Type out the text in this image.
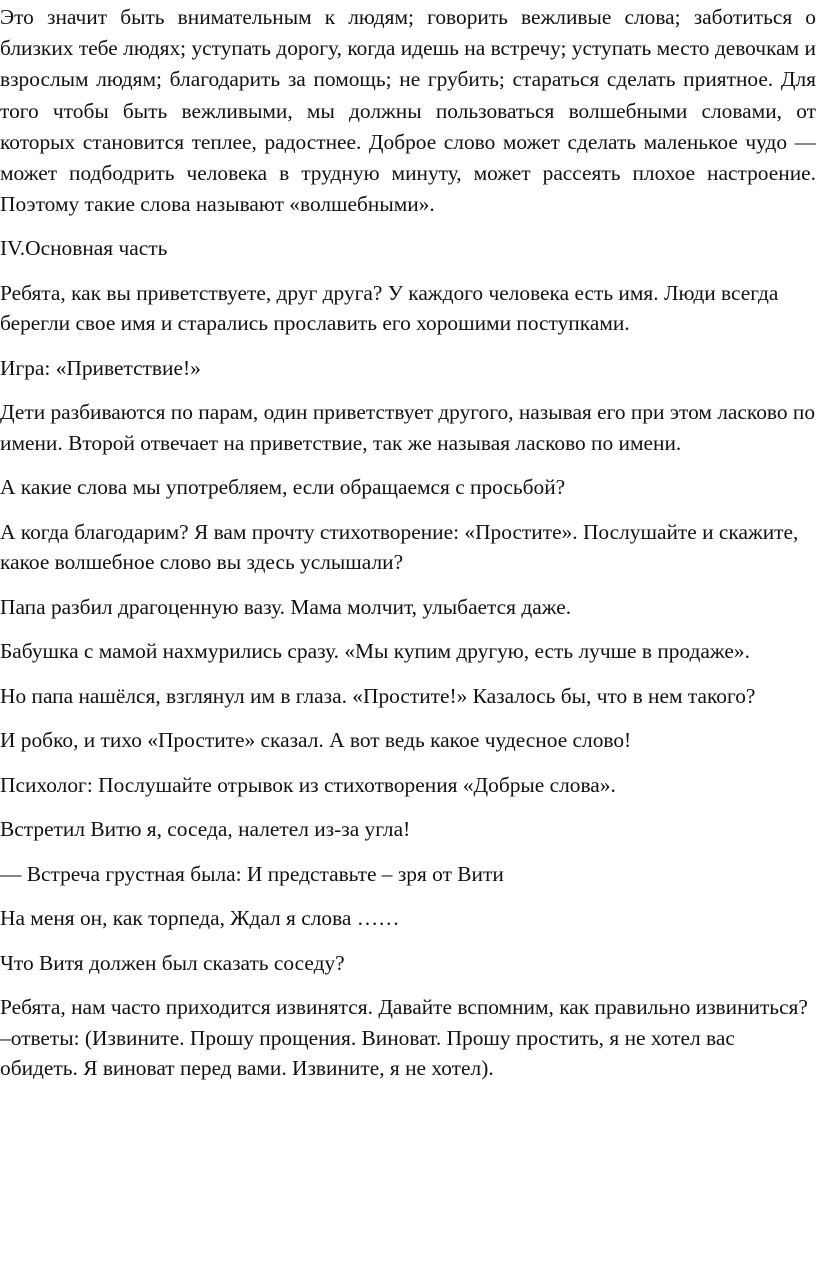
Это значит быть внимательным к людям; говорить вежливые слова; заботиться о близких тебе людях; уступать дорогу, когда идешь на встречу; уступать место девочкам и взрослым людям; благодарить за помощь; не грубить; стараться сделать приятное. Для того чтобы быть вежливыми, мы должны пользоваться волшебными словами, от которых становится теплее, радостнее. Доброе слово может сделать маленькое чудо — может подбодрить человека в трудную минуту, может рассеять плохое настроение. Поэтому такие слова называют «волшебными».

IV.Основная часть

Ребята, как вы приветствуете, друг друга? У каждого человека есть имя. Люди всегда берегли свое имя и старались прославить его хорошими поступками.

Игра: «Приветствие!»

Дети разбиваются по парам, один приветствует другого, называя его при этом ласково по имени. Второй отвечает на приветствие, так же называя ласково по имени.

А какие слова мы употребляем, если обращаемся с просьбой?

А когда благодарим? Я вам прочту стихотворение: «Простите». Послушайте и скажите, какое волшебное слово вы здесь услышали?

Папа разбил драгоценную вазу. Мама молчит, улыбается даже.

Бабушка с мамой нахмурились сразу. «Мы купим другую, есть лучше в продаже».

Но папа нашёлся, взглянул им в глаза. «Простите!» Казалось бы, что в нем такого?

И робко, и тихо «Простите» сказал. А вот ведь какое чудесное слово!

Психолог: Послушайте отрывок из стихотворения «Добрые слова».

Встретил Витю я, соседа, налетел из-за угла!

— Встреча грустная была: И представьте – зря от Вити

На меня он, как торпеда, Ждал я слова ……

Что Витя должен был сказать соседу?

Ребята, нам часто приходится извинятся. Давайте вспомним, как правильно извиниться? –ответы: (Извините. Прошу прощения. Виноват. Прошу простить, я не хотел вас обидеть. Я виноват перед вами. Извините, я не хотел).
